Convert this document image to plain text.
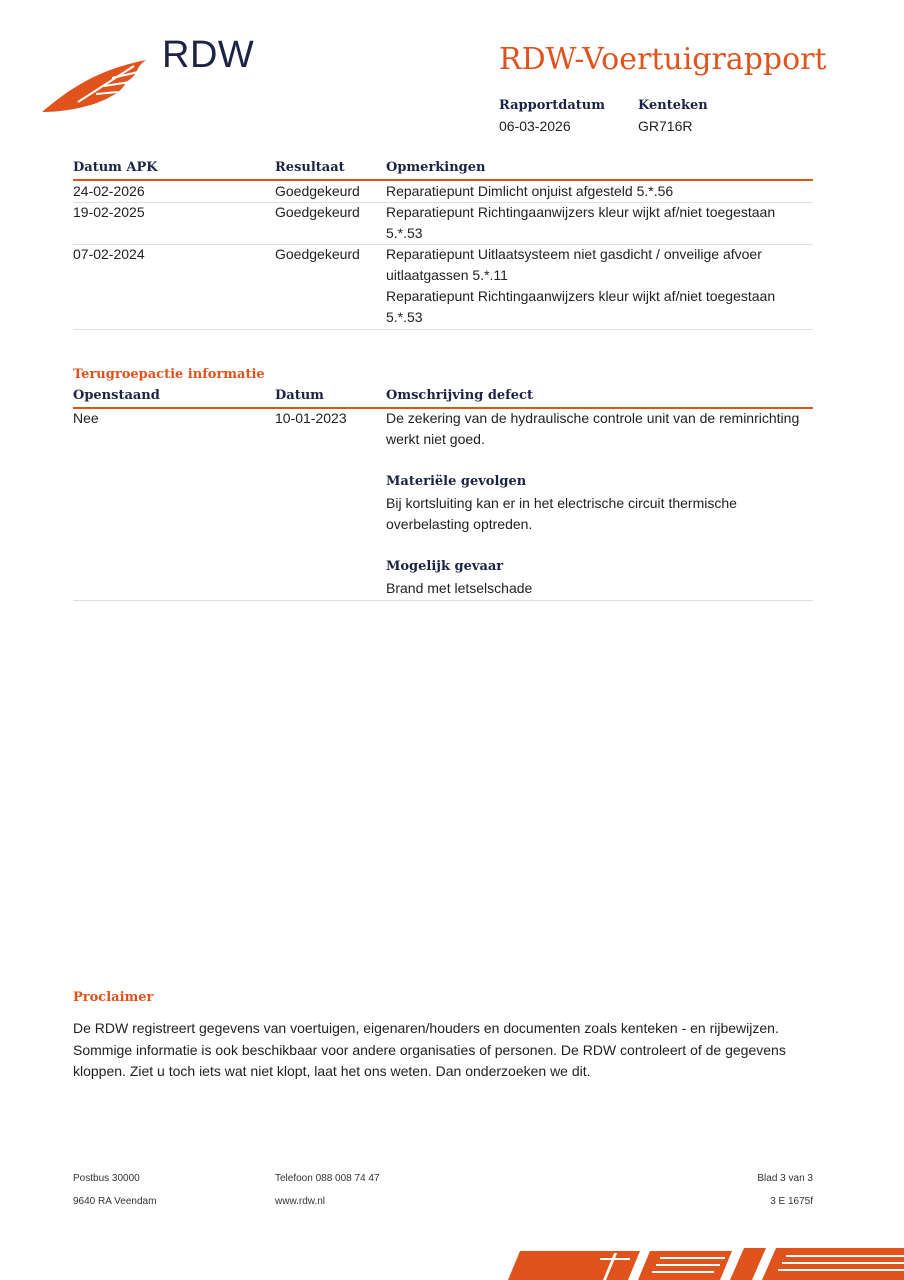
RDW	RDW-Voertuigrapport
Rapportdatum
06-03-2026
Kenteken
GR716R
Datum APK	Resultaat	Opmerkingen
24-02-2026	Goedgekeurd Reparatiepunt Dimlicht onjuist afgesteld 5.*.56
19-02-2025	Goedgekeurd Reparatiepunt Richtingaanwijzers kleur wijkt af/niet toegestaan
5.*.53
07-02-2024	Goedgekeurd Reparatiepunt Uitlaatsysteem niet gasdicht / onveilige afvoer
uitlaatgassen 5.*.11
Reparatiepunt Richtingaanwijzers kleur wijkt af/niet toegestaan
5.*.53
Terugroepactie informatie
Openstaand	Datum	Omschrijving defect
Nee	10-01-2023	De zekering van de hydraulische controle unit van de reminrichting
werkt niet goed.
Materiële gevolgen
Bij kortsluiting kan er in het electrische circuit thermische
overbelasting optreden.
Mogelijk gevaar
Brand met letselschade
Proclaimer
De RDW registreert gegevens van voertuigen, eigenaren/houders en documenten zoals kenteken - en rijbewijzen.
Sommige informatie is ook beschikbaar voor andere organisaties of personen. De RDW controleert of de gegevens
kloppen. Ziet u toch iets wat niet klopt, laat het ons weten. Dan onderzoeken we dit.
Postbus 30000
9640 RA Veendam
Telefoon 088 008 74 47
www.rdw.nl
Blad 3 van 3
3 E 1675f
